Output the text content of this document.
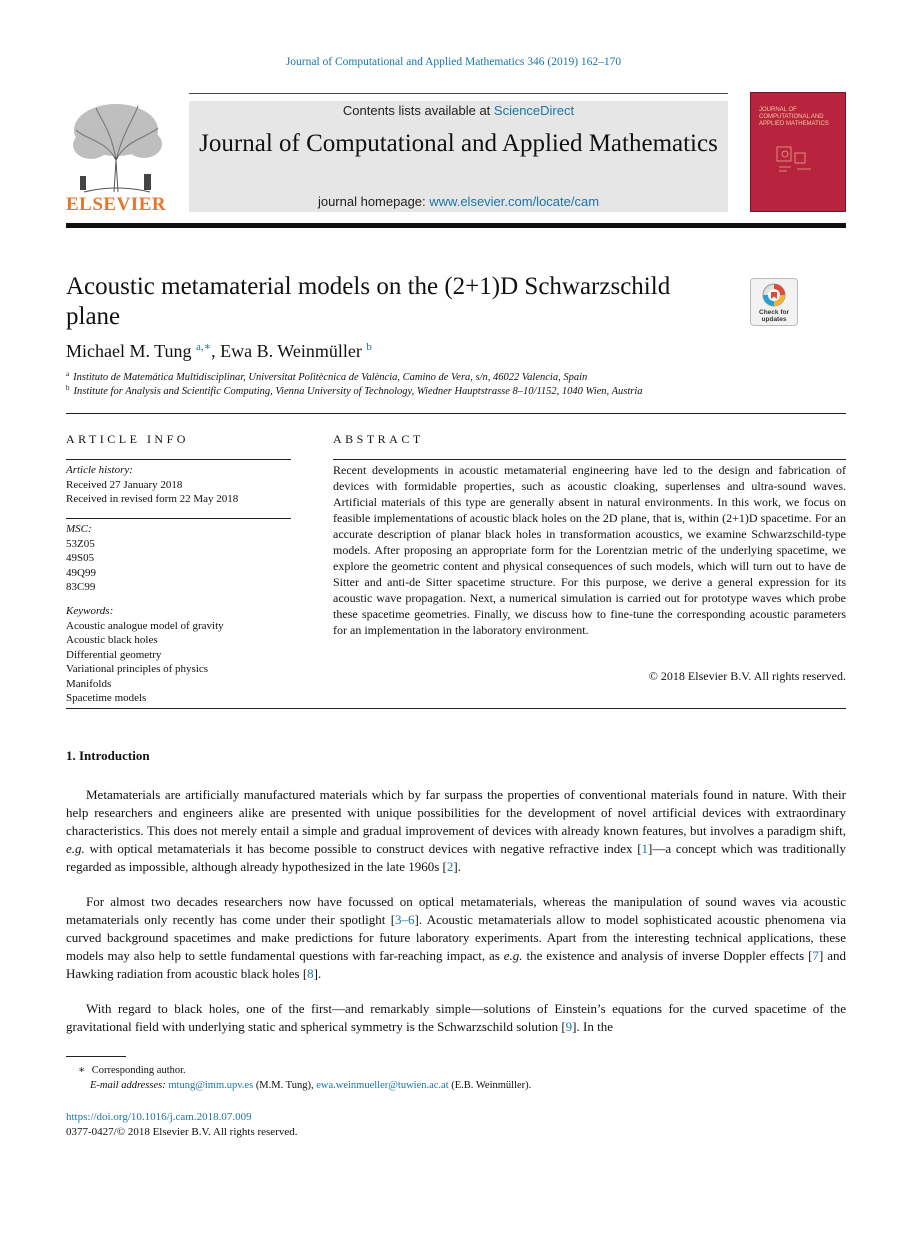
Journal of Computational and Applied Mathematics 346 (2019) 162–170
ELSEVIER
Contents lists available at ScienceDirect
Journal of Computational and Applied Mathematics
journal homepage: www.elsevier.com/locate/cam
JOURNAL OF COMPUTATIONAL AND APPLIED MATHEMATICS
Acoustic metamaterial models on the (2+1)D Schwarzschild plane	Check for updates
Michael M. Tung $^{a,∗}$, Ewa B. Weinmüller $^b$
$^a$ Instituto de Matemática Multidisciplinar, Universitat Politècnica de València, Camino de Vera, s/n, 46022 Valencia, Spain
$^b$ Institute for Analysis and Scientific Computing, Vienna University of Technology, Wiedner Hauptstrasse 8–10/1152, 1040 Wien, Austria
ARTICLE INFO
Article history:
Received 27 January 2018
Received in revised form 22 May 2018
MSC:
53Z05
49S05
49Q99
83C99
Keywords:
Acoustic analogue model of gravity
Acoustic black holes
Differential geometry
Variational principles of physics
Manifolds
Spacetime models
ABSTRACT
Recent developments in acoustic metamaterial engineering have led to the design and fabrication of devices with formidable properties, such as acoustic cloaking, superlenses and ultra-sound waves. Artificial materials of this type are generally absent in natural environments. In this work, we focus on feasible implementations of acoustic black holes on the 2D plane, that is, within (2+1)D spacetime. For an accurate description of planar black holes in transformation acoustics, we examine Schwarzschild-type models. After proposing an appropriate form for the Lorentzian metric of the underlying spacetime, we explore the geometric content and physical consequences of such models, which will turn out to have de Sitter and anti-de Sitter spacetime structure. For this purpose, we derive a general expression for its acoustic wave propagation. Next, a numerical simulation is carried out for prototype waves which probe these spacetime geometries. Finally, we discuss how to fine-tune the corresponding acoustic parameters for an implementation in the laboratory environment.
© 2018 Elsevier B.V. All rights reserved.
1. Introduction
Metamaterials are artificially manufactured materials which by far surpass the properties of conventional materials found in nature. With their help researchers and engineers alike are presented with unique possibilities for the development of novel artificial devices with extraordinary characteristics. This does not merely entail a simple and gradual improvement of devices with already known features, but involves a paradigm shift, e.g. with optical metamaterials it has become possible to construct devices with negative refractive index [1]—a concept which was traditionally regarded as impossible, although already hypothesized in the late 1960s [2].
For almost two decades researchers now have focussed on optical metamaterials, whereas the manipulation of sound waves via acoustic metamaterials only recently has come under their spotlight [3–6]. Acoustic metamaterials allow to model sophisticated acoustic phenomena via curved background spacetimes and make predictions for future laboratory experiments. Apart from the interesting technical applications, these models may also help to settle fundamental questions with far-reaching impact, as e.g. the existence and analysis of inverse Doppler effects [7] and Hawking radiation from acoustic black holes [8].
With regard to black holes, one of the first—and remarkably simple—solutions of Einstein’s equations for the curved spacetime of the gravitational field with underlying static and spherical symmetry is the Schwarzschild solution [9]. In the
∗ Corresponding author.
E-mail addresses: mtung@imm.upv.es (M.M. Tung), ewa.weinmueller@tuwien.ac.at (E.B. Weinmüller).
https://doi.org/10.1016/j.cam.2018.07.009
0377-0427/© 2018 Elsevier B.V. All rights reserved.
